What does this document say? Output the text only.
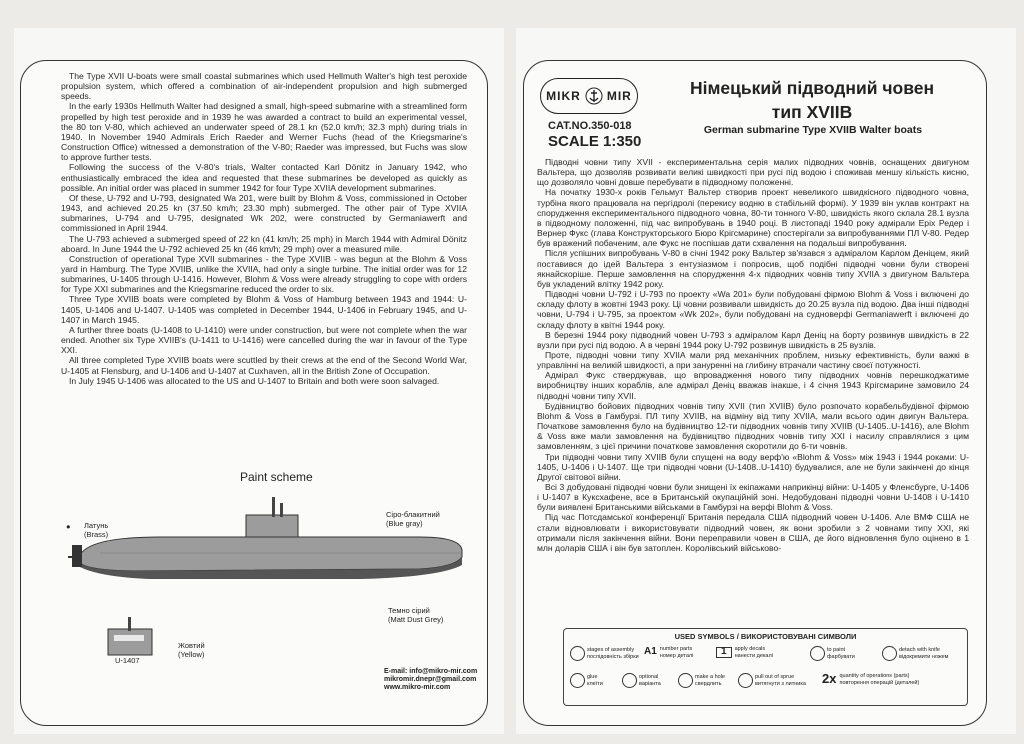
The Type XVII U-boats were small coastal submarines which used Hellmuth Walter's high test peroxide propulsion system, which offered a combination of air-independent propulsion and high submerged speeds.

In the early 1930s Hellmuth Walter had designed a small, high-speed submarine with a streamlined form propelled by high test peroxide and in 1939 he was awarded a contract to build an experimental vessel, the 80 ton V-80, which achieved an underwater speed of 28.1 kn (52.0 km/h; 32.3 mph) during trials in 1940. In November 1940 Admirals Erich Raeder and Werner Fuchs (head of the Kriegsmarine's Construction Office) witnessed a demonstration of the V-80; Raeder was impressed, but Fuchs was slow to approve further tests.

Following the success of the V-80's trials, Walter contacted Karl Dönitz in January 1942, who enthusiastically embraced the idea and requested that these submarines be developed as quickly as possible. An initial order was placed in summer 1942 for four Type XVIIA development submarines.

Of these, U-792 and U-793, designated Wa 201, were built by Blohm & Voss, commissioned in October 1943, and achieved 20.25 kn (37.50 km/h; 23.30 mph) submerged. The other pair of Type XVIIA submarines, U-794 and U-795, designated Wk 202, were constructed by Germaniawerft and commissioned in April 1944.

The U-793 achieved a submerged speed of 22 kn (41 km/h; 25 mph) in March 1944 with Admiral Dönitz aboard. In June 1944 the U-792 achieved 25 kn (46 km/h; 29 mph) over a measured mile.

Construction of operational Type XVII submarines - the Type XVIIB - was begun at the Blohm & Voss yard in Hamburg. The Type XVIIB, unlike the XVIIA, had only a single turbine. The initial order was for 12 submarines, U-1405 through U-1416. However, Blohm & Voss were already struggling to cope with orders for Type XXI submarines and the Kriegsmarine reduced the order to six.

Three Type XVIIB boats were completed by Blohm & Voss of Hamburg between 1943 and 1944: U-1405, U-1406 and U-1407. U-1405 was completed in December 1944, U-1406 in February 1945, and U-1407 in March 1945.

A further three boats (U-1408 to U-1410) were under construction, but were not complete when the war ended. Another six Type XVIIB's (U-1411 to U-1416) were cancelled during the war in favour of the Type XXI.

All three completed Type XVIIB boats were scuttled by their crews at the end of the Second World War, U-1405 at Flensburg, and U-1406 and U-1407 at Cuxhaven, all in the British Zone of Occupation.

In July 1945 U-1406 was allocated to the US and U-1407 to Britain and both were soon salvaged.

Paint scheme
● Латунь
(Brass)
Сіро-блакитний
(Blue gray)
Темно сірий
(Matt Dust Grey)
Жовтий
(Yellow)
U-1407
E-mail: info@mikro-mir.com
mikromir.dnepr@gmail.com
www.mikro-mir.com
MIKR MIR
CAT.NO.350-018
SCALE 1:350
Німецький підводний човен
тип XVIIB
German submarine Type XVIIB Walter boats

Підводні човни типу XVII - експериментальна серія малих підводних човнів, оснащених двигуном Вальтера, що дозволяв розвивати великі швидкості при русі під водою і споживав меншу кількість кисню, що дозволяло човні довше перебувати в підводному положенні.

На початку 1930-х років Гельмут Вальтер створив проект невеликого швидкісного підводного човна, турбіна якого працювала на пергідролі (перекису водню в стабільній формі). У 1939 він уклав контракт на спорудження експериментального підводного човна, 80-ти тонного V-80, швидкість якого склала 28.1 вузла в підводному положенні, під час випробувань в 1940 році. В листопаді 1940 року адмірали Еріх Редер і Вернер Фукс (глава Конструкторського Бюро Крігсмарине) спостерігали за випробуваннями ПЛ V-80. Редер був вражений побаченим, але Фукс не поспішав дати схвалення на подальші випробування.

Після успішних випробувань V-80 в січні 1942 року Вальтер зв'язався з адміралом Карлом Деніцем, який поставився до ідей Вальтера з ентузіазмом і попросив, щоб подібні підводні човни були створені якнайскоріше. Перше замовлення на спорудження 4-х підводних човнів типу XVIIA з двигуном Вальтера був укладений влітку 1942 року.

Підводні човни U-792 і U-793 по проекту «Wa 201» були побудовані фірмою Blohm & Voss і включені до складу флоту в жовтні 1943 року. Ці човни розвивали швидкість до 20.25 вузла під водою. Два інші підводні човни, U-794 і U-795, за проектом «Wk 202», були побудовані на судноверфі Germaniawerft і включені до складу флоту в квітні 1944 року.

В березні 1944 року підводний човен U-793 з адміралом Карл Деніц на борту розвинув швидкість в 22 вузли при русі під водою. А в червні 1944 року U-792 розвинув швидкість в 25 вузлів.

Проте, підводні човни типу XVIIA мали ряд механічних проблем, низьку ефективність, були важкі в управлінні на великій швидкості, а при зануренні на глибину втрачали частину своєї потужності.

Адмірал Фукс стверджував, що впровадження нового типу підводних човнів перешкоджатиме виробництву інших кораблів, але адмірал Деніц вважав інакше, і 4 січня 1943 Крігсмарине замовило 24 підводні човни типу XVII.

Будівництво бойових підводних човнів типу XVII (тип XVIIB) було розпочато корабельбудівної фірмою Blohm & Voss в Гамбурзі. ПЛ типу XVIIB, на відміну від типу XVIIA, мали всього один двигун Вальтера. Початкове замовлення було на будівництво 12-ти підводних човнів типу XVIIB (U-1405..U-1416), але Blohm & Voss вже мали замовлення на будівництво підводних човнів типу XXI і насилу справлялися з цим замовленням, з цієї причини початкове замовлення скоротили до 6-ти човнів.

Три підводні човни типу XVIIB були спущені на воду верф'ю «Blohm & Voss» між 1943 і 1944 роками: U-1405, U-1406 і U-1407. Ще три підводні човни (U-1408..U-1410) будувалися, але не були закінчені до кінця Другої світової війни.

Всі 3 добудовані підводні човни були знищені їх екіпажами наприкінці війни: U-1405 у Фленсбурге, U-1406 і U-1407 в Куксхафене, все в Британській окупаційній зоні. Недобудовані підводні човни U-1408 і U-1410 були виявлені Британськими військами в Гамбурзі на верфі Blohm & Voss.

Під час Потсдамської конференції Британія передала США підводний човен U-1406. Але ВМФ США не стали відновлювати і використовувати підводний човен, як вони зробили з 2 човнами типу XXI, які отримали після закінчення війни. Вони переправили човен в США, де його відновлення було оцінено в 1 млн доларів США і він був затоплен. Королівський військово-

USED SYMBOLS / ВИКОРИСТОВУВАНІ СИМВОЛИ
stages of assembly
послідовність збірки A1 number parts
номер деталі	1 apply decals
нанести декалі
to paint
фарбувати
detach with knife
відокремити ножем
glue
клеїти
optional
варіанта
make a hole
свердлить
pull out of sprue
витягнути з литника 2x quantity of operations (parts)
повторення операцій (деталей)
